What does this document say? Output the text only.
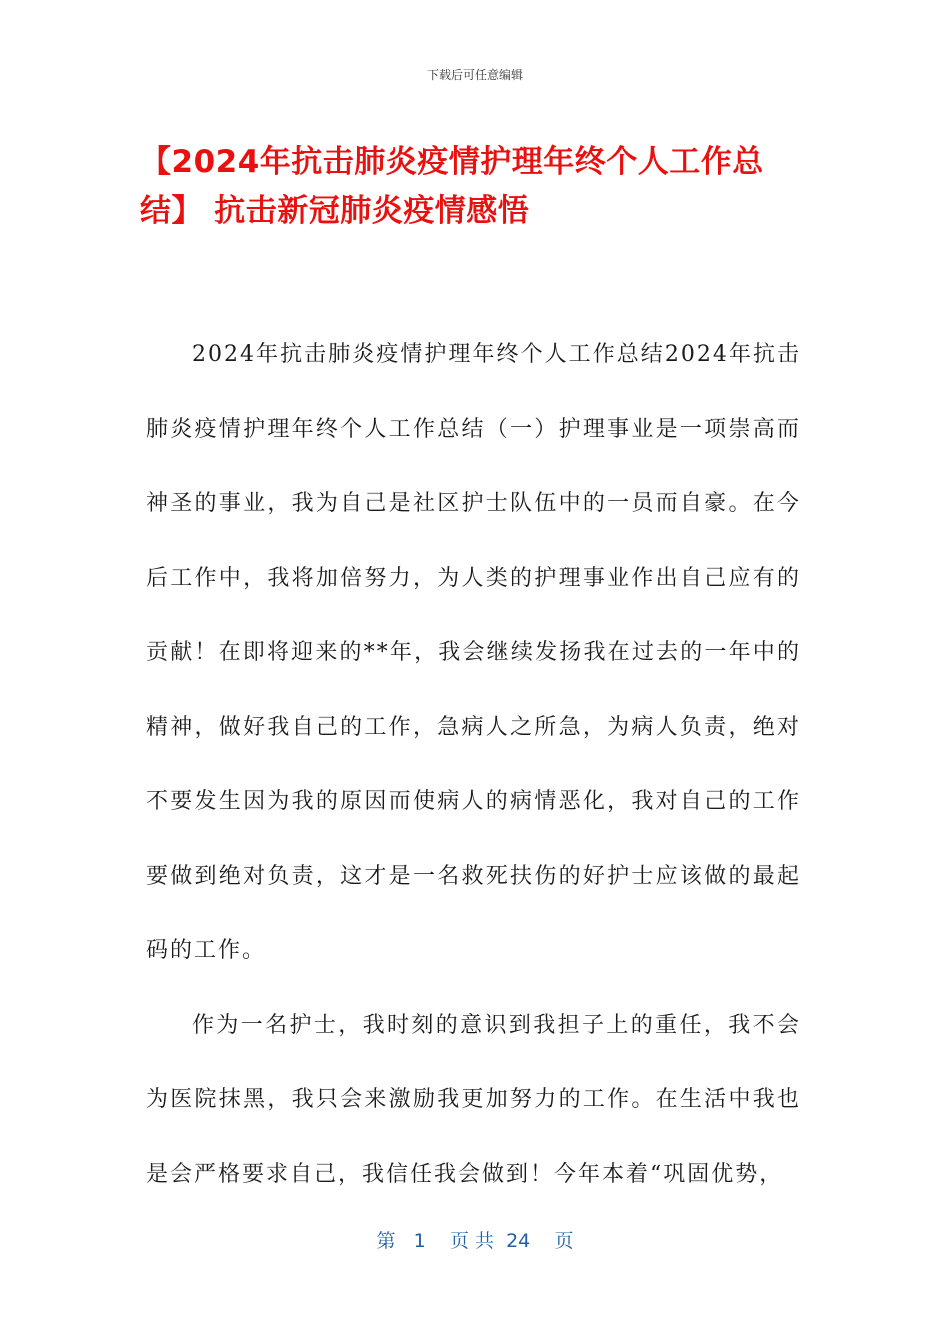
下载后可任意编辑
【2024年抗击肺炎疫情护理年终个人工作总结】 抗击新冠肺炎疫情感悟

2024年抗击肺炎疫情护理年终个人工作总结2024年抗击肺炎疫情护理年终个人工作总结（一）护理事业是一项崇高而神圣的事业，我为自己是社区护士队伍中的一员而自豪。在今后工作中，我将加倍努力，为人类的护理事业作出自己应有的贡献！在即将迎来的**年，我会继续发扬我在过去的一年中的精神，做好我自己的工作，急病人之所急，为病人负责，绝对不要发生因为我的原因而使病人的病情恶化，我对自己的工作要做到绝对负责，这才是一名救死扶伤的好护士应该做的最起码的工作。

作为一名护士，我时刻的意识到我担子上的重任，我不会为医院抹黑，我只会来激励我更加努力的工作。在生活中我也是会严格要求自己，我信任我会做到！今年本着“巩固优势，

第 1 页 共 24 页
